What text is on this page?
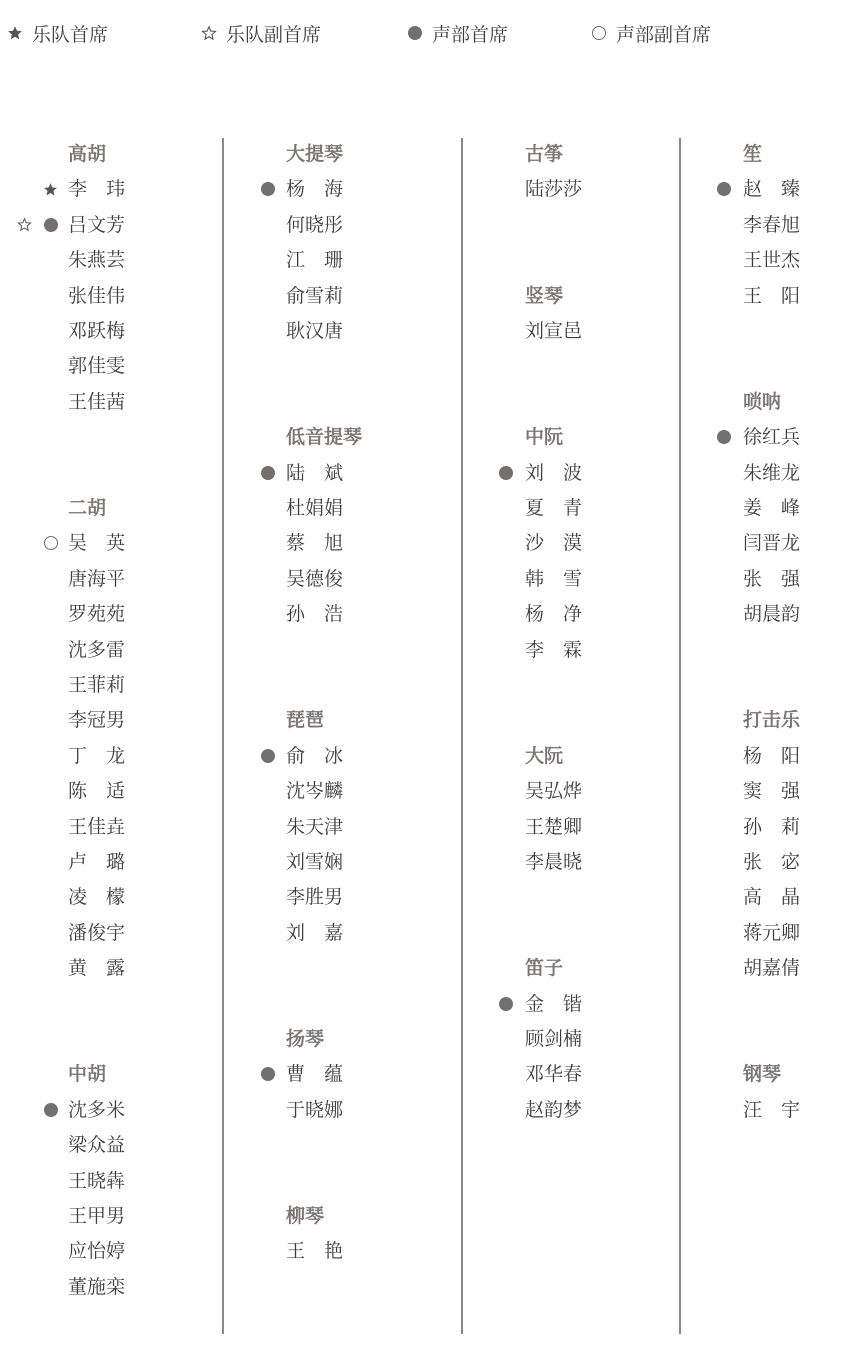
乐队首席	乐队副首席	声部首席	声部副首席
高胡
李　玮
吕文芳
朱燕芸
张佳伟
邓跃梅
郭佳雯
王佳茜
二胡
吴　英
唐海平
罗苑苑
沈多雷
王菲莉
李冠男
丁　龙
陈　适
王佳垚
卢　璐
凌　檬
潘俊宇
黄　露
中胡
沈多米
梁众益
王晓犇
王甲男
应怡婷
董施栾
大提琴
杨　海
何晓彤
江　珊
俞雪莉
耿汉唐
低音提琴
陆　斌
杜娟娟
蔡　旭
吴德俊
孙　浩
琵琶
俞　冰
沈岑麟
朱天津
刘雪娴
李胜男
刘　嘉
扬琴
曹　蕴
于晓娜
柳琴
王　艳
古筝
陆莎莎
竖琴
刘宣邑
中阮
刘　波
夏　青
沙　漠
韩　雪
杨　净
李　霖
大阮
吴弘烨
王楚卿
李晨晓
笛子
金　锴
顾剑楠
邓华春
赵韵梦
笙
赵　臻
李春旭
王世杰
王　阳
唢呐
徐红兵
朱维龙
姜　峰
闫晋龙
张　强
胡晨韵
打击乐
杨　阳
窦　强
孙　莉
张　宓
高　晶
蒋元卿
胡嘉倩
钢琴
汪　宇
